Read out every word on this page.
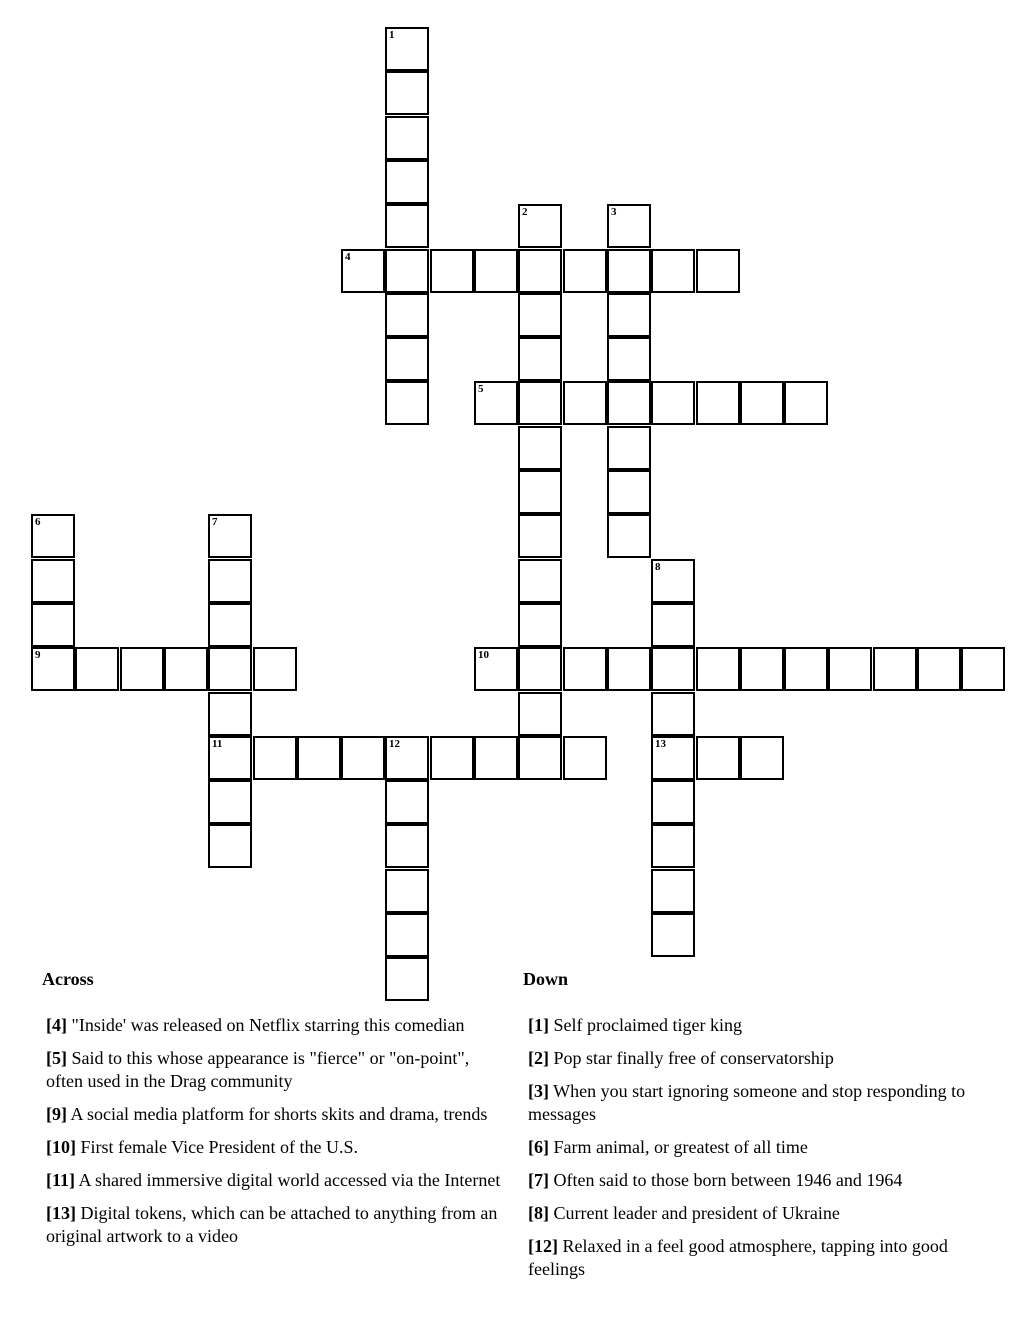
1
2	3
4
5
6	7
8
9	10
11	12	13
Across
[4] "Inside' was released on Netflix starring this comedian
[5] Said to this whose appearance is "fierce" or "on-point", often used in the Drag community
[9] A social media platform for shorts skits and drama, trends
[10] First female Vice President of the U.S.
[11] A shared immersive digital world accessed via the Internet
[13] Digital tokens, which can be attached to anything from an original artwork to a video
Down
[1] Self proclaimed tiger king
[2] Pop star finally free of conservatorship
[3] When you start ignoring someone and stop responding to messages
[6] Farm animal, or greatest of all time
[7] Often said to those born between 1946 and 1964
[8] Current leader and president of Ukraine
[12] Relaxed in a feel good atmosphere, tapping into good feelings
